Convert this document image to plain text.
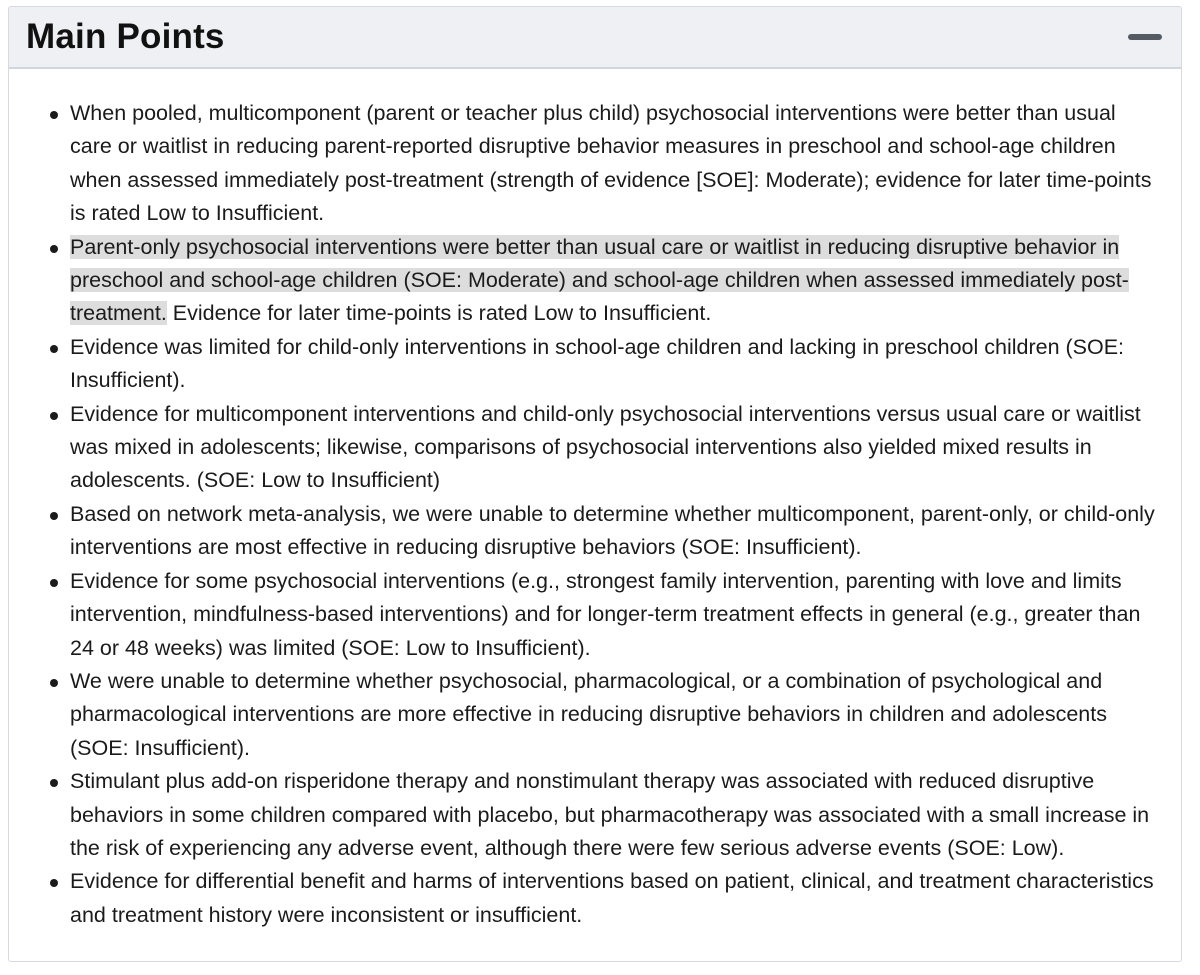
Main Points
When pooled, multicomponent (parent or teacher plus child) psychosocial interventions were better than usual care or waitlist in reducing parent-reported disruptive behavior measures in preschool and school-age children when assessed immediately post-treatment (strength of evidence [SOE]: Moderate); evidence for later time-points is rated Low to Insufficient.
Parent-only psychosocial interventions were better than usual care or waitlist in reducing disruptive behavior in preschool and school-age children (SOE: Moderate) and school-age children when assessed immediately post-treatment. Evidence for later time-points is rated Low to Insufficient.
Evidence was limited for child-only interventions in school-age children and lacking in preschool children (SOE: Insufficient).
Evidence for multicomponent interventions and child-only psychosocial interventions versus usual care or waitlist was mixed in adolescents; likewise, comparisons of psychosocial interventions also yielded mixed results in adolescents. (SOE: Low to Insufficient)
Based on network meta-analysis, we were unable to determine whether multicomponent, parent-only, or child-only interventions are most effective in reducing disruptive behaviors (SOE: Insufficient).
Evidence for some psychosocial interventions (e.g., strongest family intervention, parenting with love and limits intervention, mindfulness-based interventions) and for longer-term treatment effects in general (e.g., greater than 24 or 48 weeks) was limited (SOE: Low to Insufficient).
We were unable to determine whether psychosocial, pharmacological, or a combination of psychological and pharmacological interventions are more effective in reducing disruptive behaviors in children and adolescents (SOE: Insufficient).
Stimulant plus add-on risperidone therapy and nonstimulant therapy was associated with reduced disruptive behaviors in some children compared with placebo, but pharmacotherapy was associated with a small increase in the risk of experiencing any adverse event, although there were few serious adverse events (SOE: Low).
Evidence for differential benefit and harms of interventions based on patient, clinical, and treatment characteristics and treatment history were inconsistent or insufficient.
